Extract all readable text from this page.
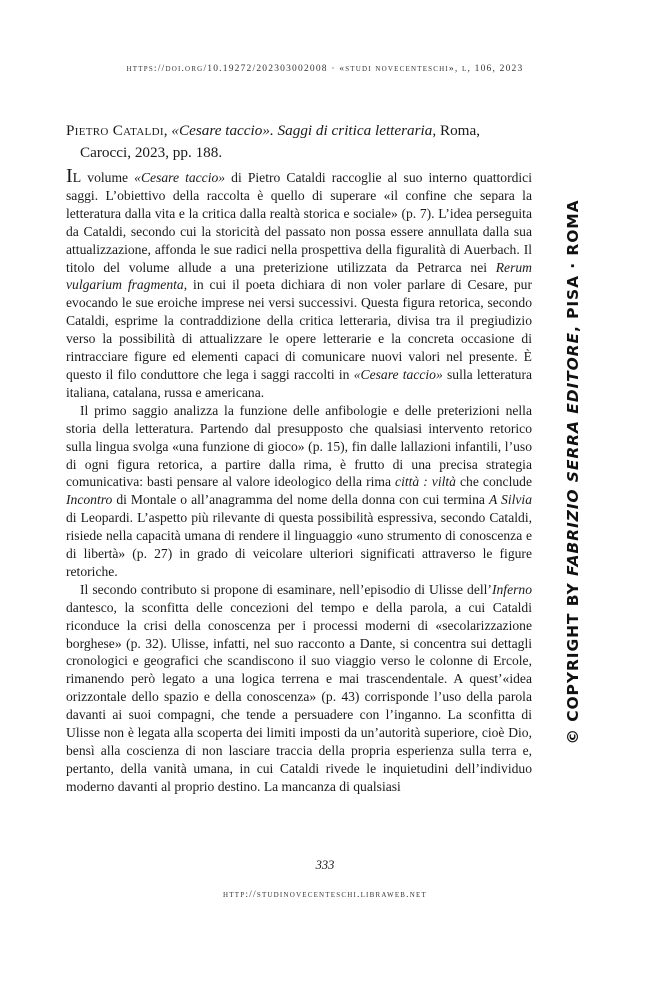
https://doi.org/10.19272/202303002008 · «studi novecenteschi», l, 106, 2023
Pietro Cataldi, «Cesare taccio». Saggi di critica letteraria, Roma,
Carocci, 2023, pp. 188.

Il volume «Cesare taccio» di Pietro Cataldi raccoglie al suo interno quattordici saggi. L’obiettivo della raccolta è quello di superare «il confine che separa la letteratura dalla vita e la critica dalla realtà storica e sociale» (p. 7). L’idea perseguita da Cataldi, secondo cui la storicità del passato non possa essere annullata dalla sua attualizzazione, affonda le sue radici nella prospettiva della figuralità di Auerbach. Il titolo del volume allude a una preterizione utilizzata da Petrarca nei Rerum vulgarium fragmenta, in cui il poeta dichiara di non voler parlare di Cesare, pur evocando le sue eroiche imprese nei versi successivi. Questa figura retorica, secondo Cataldi, esprime la contraddizione della critica letteraria, divisa tra il pregiudizio verso la possibilità di attualizzare le opere letterarie e la concreta occasione di rintracciare figure ed elementi capaci di comunicare nuovi valori nel presente. È questo il filo conduttore che lega i saggi raccolti in «Cesare taccio» sulla letteratura italiana, catalana, russa e americana.

Il primo saggio analizza la funzione delle anfibologie e delle preterizioni nella storia della letteratura. Partendo dal presupposto che qualsiasi intervento retorico sulla lingua svolga «una funzione di gioco» (p. 15), fin dalle lallazioni infantili, l’uso di ogni figura retorica, a partire dalla rima, è frutto di una precisa strategia comunicativa: basti pensare al valore ideologico della rima città : viltà che conclude Incontro di Montale o all’anagramma del nome della donna con cui termina A Silvia di Leopardi. L’aspetto più rilevante di questa possibilità espressiva, secondo Cataldi, risiede nella capacità umana di rendere il linguaggio «uno strumento di conoscenza e di libertà» (p. 27) in grado di veicolare ulteriori significati attraverso le figure retoriche.

Il secondo contributo si propone di esaminare, nell’episodio di Ulisse dell’Inferno dantesco, la sconfitta delle concezioni del tempo e della parola, a cui Cataldi riconduce la crisi della conoscenza per i processi moderni di «secolarizzazione borghese» (p. 32). Ulisse, infatti, nel suo racconto a Dante, si concentra sui dettagli cronologici e geografici che scandiscono il suo viaggio verso le colonne di Ercole, rimanendo però legato a una logica terrena e mai trascendentale. A quest’«idea orizzontale dello spazio e della conoscenza» (p. 43) corrisponde l’uso della parola davanti ai suoi compagni, che tende a persuadere con l’inganno. La sconfitta di Ulisse non è legata alla scoperta dei limiti imposti da un’autorità superiore, cioè Dio, bensì alla coscienza di non lasciare traccia della propria esperienza sulla terra e, pertanto, della vanità umana, in cui Cataldi rivede le inquietudini dell’individuo moderno davanti al proprio destino. La mancanza di qualsiasi

333
http://studinovecenteschi.libraweb.net
© COPYRIGHT BY FABRIZIO SERRA EDITORE, PISA · ROMA
